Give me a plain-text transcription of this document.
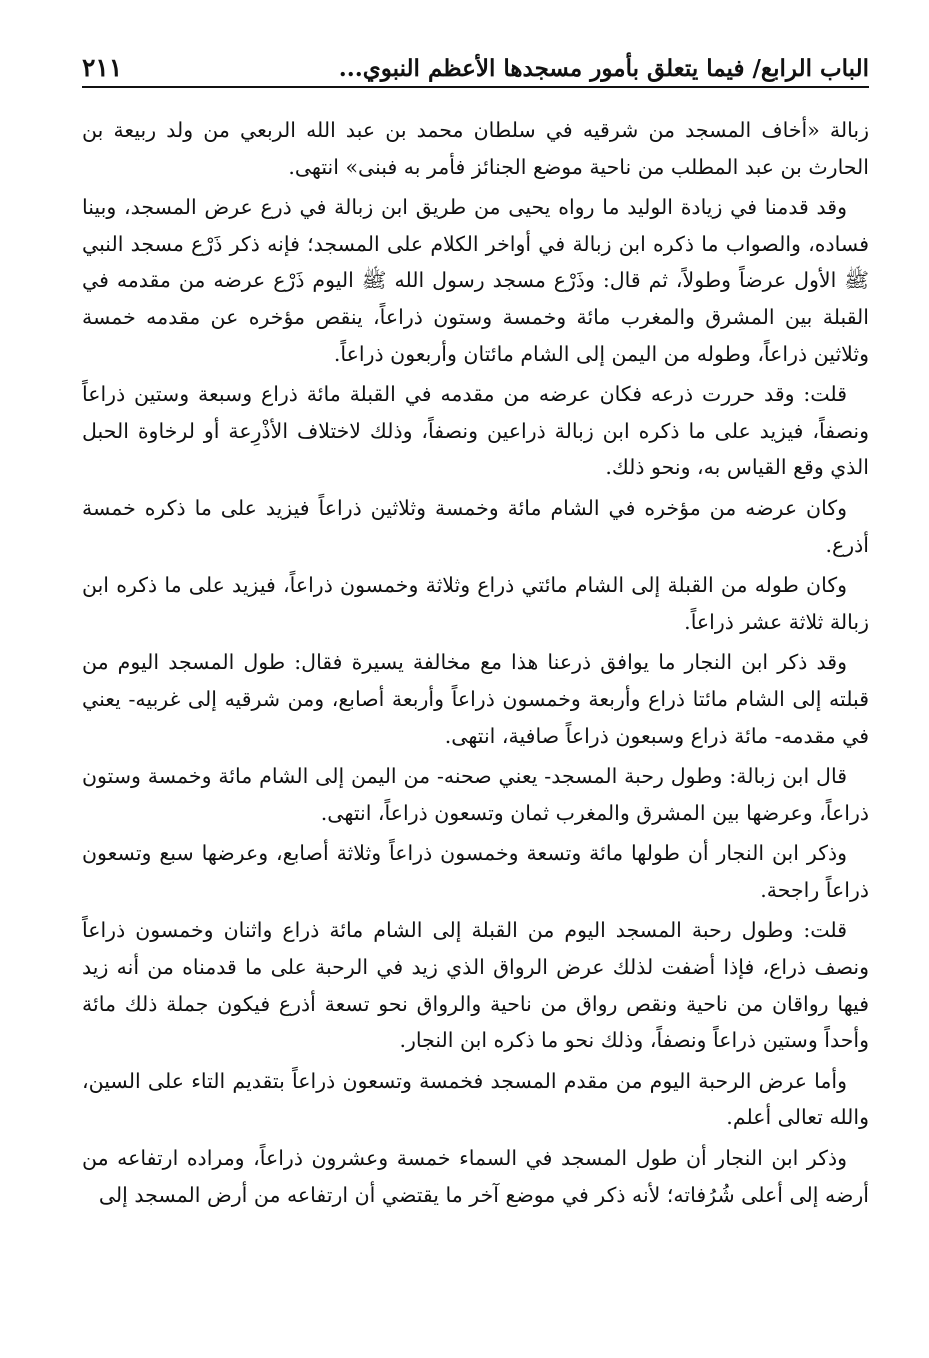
الباب الرابع/ فيما يتعلق بأمور مسجدها الأعظم النبوي...
٢١١

زبالة «أخاف المسجد من شرقيه في سلطان محمد بن عبد الله الربعي من ولد ربيعة بن الحارث بن عبد المطلب من ناحية موضع الجنائز فأمر به فبنى» انتهى.

وقد قدمنا في زيادة الوليد ما رواه يحيى من طريق ابن زبالة في ذرع عرض المسجد، وبينا فساده، والصواب ما ذكره ابن زبالة في أواخر الكلام على المسجد؛ فإنه ذكر ذَرْع مسجد النبي ﷺ الأول عرضاً وطولاً، ثم قال: وذَرْع مسجد رسول الله ﷺ اليوم ذَرْع عرضه من مقدمه في القبلة بين المشرق والمغرب مائة وخمسة وستون ذراعاً، ينقص مؤخره عن مقدمه خمسة وثلاثين ذراعاً، وطوله من اليمن إلى الشام مائتان وأربعون ذراعاً.

قلت: وقد حررت ذرعه فكان عرضه من مقدمه في القبلة مائة ذراع وسبعة وستين ذراعاً ونصفاً، فيزيد على ما ذكره ابن زبالة ذراعين ونصفاً، وذلك لاختلاف الأذْرِعة أو لرخاوة الحبل الذي وقع القياس به، ونحو ذلك.

وكان عرضه من مؤخره في الشام مائة وخمسة وثلاثين ذراعاً فيزيد على ما ذكره خمسة أذرع.

وكان طوله من القبلة إلى الشام مائتي ذراع وثلاثة وخمسون ذراعاً، فيزيد على ما ذكره ابن زبالة ثلاثة عشر ذراعاً.

وقد ذكر ابن النجار ما يوافق ذرعنا هذا مع مخالفة يسيرة فقال: طول المسجد اليوم من قبلته إلى الشام مائتا ذراع وأربعة وخمسون ذراعاً وأربعة أصابع، ومن شرقيه إلى غربيه- يعني في مقدمه- مائة ذراع وسبعون ذراعاً صافية، انتهى.

قال ابن زبالة: وطول رحبة المسجد- يعني صحنه- من اليمن إلى الشام مائة وخمسة وستون ذراعاً، وعرضها بين المشرق والمغرب ثمان وتسعون ذراعاً، انتهى.

وذكر ابن النجار أن طولها مائة وتسعة وخمسون ذراعاً وثلاثة أصابع، وعرضها سبع وتسعون ذراعاً راجحة.

قلت: وطول رحبة المسجد اليوم من القبلة إلى الشام مائة ذراع واثنان وخمسون ذراعاً ونصف ذراع، فإذا أضفت لذلك عرض الرواق الذي زيد في الرحبة على ما قدمناه من أنه زيد فيها رواقان من ناحية ونقص رواق من ناحية والرواق نحو تسعة أذرع فيكون جملة ذلك مائة وأحداً وستين ذراعاً ونصفاً، وذلك نحو ما ذكره ابن النجار.

وأما عرض الرحبة اليوم من مقدم المسجد فخمسة وتسعون ذراعاً بتقديم التاء على السين، والله تعالى أعلم.

وذكر ابن النجار أن طول المسجد في السماء خمسة وعشرون ذراعاً، ومراده ارتفاعه من أرضه إلى أعلى شُرُفاته؛ لأنه ذكر في موضع آخر ما يقتضي أن ارتفاعه من أرض المسجد إلى
